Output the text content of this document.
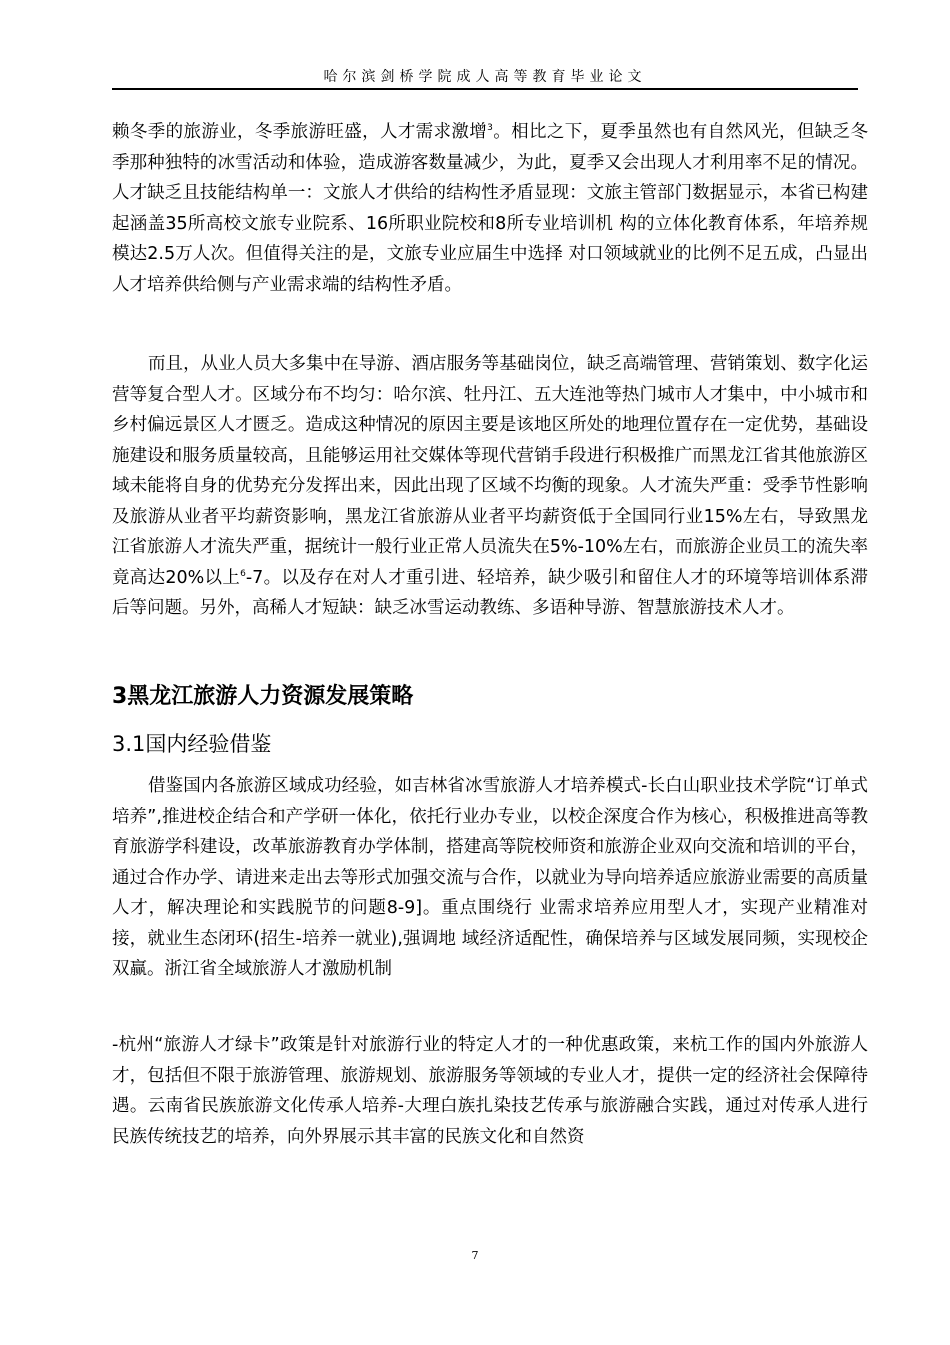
哈尔滨剑桥学院成人高等教育毕业论文
赖冬季的旅游业，冬季旅游旺盛，人才需求激增$^3$。相比之下，夏季虽然也有自然风光，但缺乏冬季那种独特的冰雪活动和体验，造成游客数量减少，为此，夏季又会出现人才利用率不足的情况。人才缺乏且技能结构单一：文旅人才供给的结构性矛盾显现：文旅主管部门数据显示，本省已构建起涵盖35所高校文旅专业院系、16所职业院校和8所专业培训机 构的立体化教育体系，年培养规模达2.5万人次。但值得关注的是，文旅专业应届生中选择 对口领域就业的比例不足五成，凸显出人才培养供给侧与产业需求端的结构性矛盾。
而且，从业人员大多集中在导游、酒店服务等基础岗位，缺乏高端管理、营销策划、数字化运营等复合型人才。区域分布不均匀：哈尔滨、牡丹江、五大连池等热门城市人才集中，中小城市和乡村偏远景区人才匮乏。造成这种情况的原因主要是该地区所处的地理位置存在一定优势，基础设施建设和服务质量较高，且能够运用社交媒体等现代营销手段进行积极推广而黑龙江省其他旅游区域未能将自身的优势充分发挥出来，因此出现了区域不均衡的现象。人才流失严重：受季节性影响及旅游从业者平均薪资影响，黑龙江省旅游从业者平均薪资低于全国同行业15%左右，导致黑龙江省旅游人才流失严重，据统计一般行业正常人员流失在5%-10%左右，而旅游企业员工的流失率竟高达20%以上$^6$-7。以及存在对人才重引进、轻培养，缺少吸引和留住人才的环境等培训体系滞后等问题。另外，高稀人才短缺：缺乏冰雪运动教练、多语种导游、智慧旅游技术人才。
3黑龙江旅游人力资源发展策略
3.1国内经验借鉴
借鉴国内各旅游区域成功经验，如吉林省冰雪旅游人才培养模式-长白山职业技术学院“订单式培养”,推进校企结合和产学研一体化，依托行业办专业，以校企深度合作为核心，积极推进高等教育旅游学科建设，改革旅游教育办学体制，搭建高等院校师资和旅游企业双向交流和培训的平台，通过合作办学、请进来走出去等形式加强交流与合作，以就业为导向培养适应旅游业需要的高质量人才，解决理论和实践脱节的问题8-9]。重点围绕行 业需求培养应用型人才，实现产业精准对接，就业生态闭环(招生-培养一就业),强调地 域经济适配性，确保培养与区域发展同频，实现校企双赢。浙江省全域旅游人才激励机制
-杭州“旅游人才绿卡”政策是针对旅游行业的特定人才的一种优惠政策，来杭工作的国内外旅游人才，包括但不限于旅游管理、旅游规划、旅游服务等领域的专业人才，提供一定的经济社会保障待遇。云南省民族旅游文化传承人培养-大理白族扎染技艺传承与旅游融合实践，通过对传承人进行民族传统技艺的培养，向外界展示其丰富的民族文化和自然资
7
